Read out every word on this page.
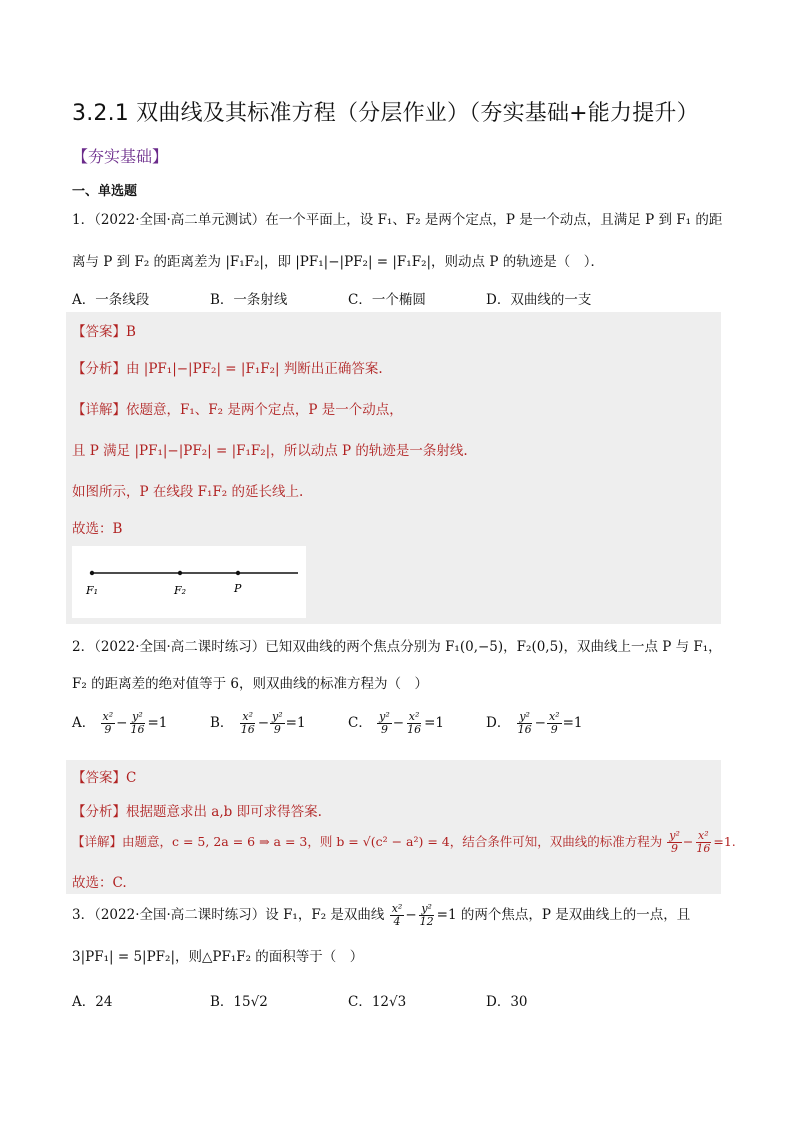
3.2.1 双曲线及其标准方程（分层作业）（夯实基础+能力提升）
【夯实基础】
一、单选题
1．（2022·全国·高二单元测试）在一个平面上，设 F₁、F₂ 是两个定点，P 是一个动点，且满足 P 到 F₁ 的距
离与 P 到 F₂ 的距离差为 |F₁F₂|，即 |PF₁|−|PF₂| = |F₁F₂|，则动点 P 的轨迹是（　）．
A．一条线段	B．一条射线	C．一个椭圆	D．双曲线的一支
【答案】B
【分析】由 |PF₁|−|PF₂| = |F₁F₂| 判断出正确答案.
【详解】依题意，F₁、F₂ 是两个定点，P 是一个动点，
且 P 满足 |PF₁|−|PF₂| = |F₁F₂|，所以动点 P 的轨迹是一条射线.
如图所示，P 在线段 F₁F₂ 的延长线上.
故选：B
F₁	F₂	P
2．（2022·全国·高二课时练习）已知双曲线的两个焦点分别为 F₁(0,−5)，F₂(0,5)，双曲线上一点 P 与 F₁，
F₂ 的距离差的绝对值等于 6，则双曲线的标准方程为（　）
A． $\frac{\text{x²}}{9} - \frac{\text{y²}}{16} =1$	B． $\frac{\text{x²}}{16} - \frac{\text{y²}}{9} =1$	C． $\frac{\text{y²}}{9} - \frac{\text{x²}}{16} =1$	D． $\frac{\text{y²}}{16} - \frac{\text{x²}}{9} =1$
【答案】C
【分析】根据题意求出 a,b 即可求得答案.
【详解】由题意，c = 5, 2a = 6 ⇒ a = 3，则 b = √(c² − a²) = 4，结合条件可知，双曲线的标准方程为 $\frac{\text{y²}}{9} - \frac{\text{x²}}{16} =1$.
故选：C.
3．（2022·全国·高二课时练习）设 F₁，F₂ 是双曲线 $\frac{\text{x²}}{4} - \frac{\text{y²}}{12} =1$ 的两个焦点，P 是双曲线上的一点，且
3|PF₁| = 5|PF₂|，则△PF₁F₂ 的面积等于（　）
A．24	B．15√2	C．12√3	D．30
